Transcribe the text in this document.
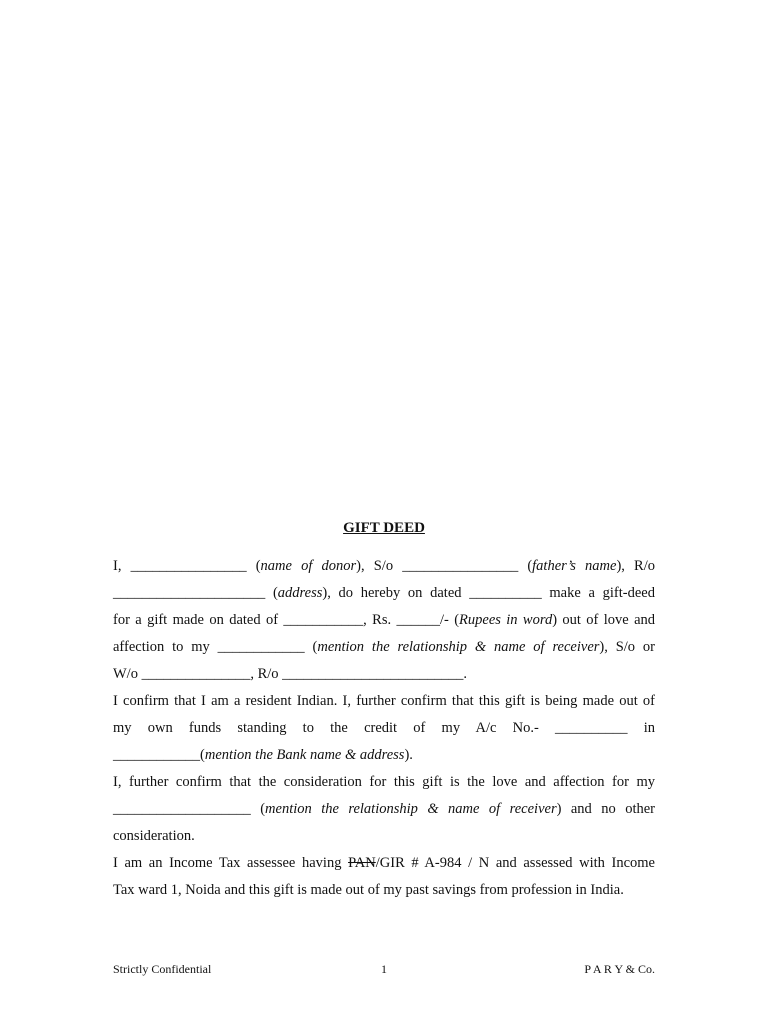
GIFT DEED
I, ________________ (name of donor), S/o ________________ (father’s name), R/o
_____________________ (address), do hereby on dated __________ make a gift-deed
for a gift made on dated of ___________, Rs. ______/- (Rupees in word) out of love and
affection to my ____________ (mention the relationship & name of receiver), S/o or
W/o _______________, R/o _________________________.
I confirm that I am a resident Indian. I, further confirm that this gift is being made out of
my own funds standing to the credit of my A/c No.- __________ in
____________(mention the Bank name & address).
I, further confirm that the consideration for this gift is the love and affection for my
___________________ (mention the relationship & name of receiver) and no other
consideration.
I am an Income Tax assessee having PAN/GIR # A-984 / N and assessed with Income
Tax ward 1, Noida and this gift is made out of my past savings from profession in India.
Strictly Confidential	1	P A R Y & Co.
